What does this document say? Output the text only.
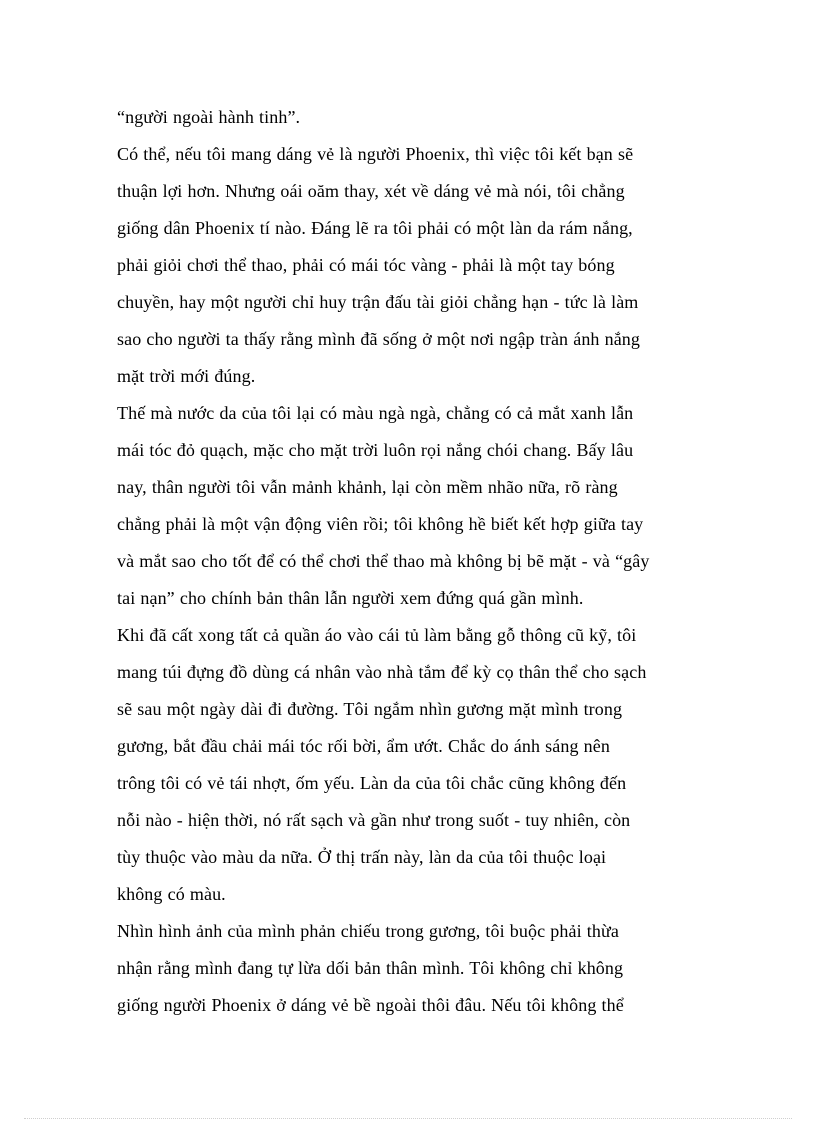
“người ngoài hành tinh”.
Có thể, nếu tôi mang dáng vẻ là người Phoenix, thì việc tôi kết bạn sẽ
thuận lợi hơn. Nhưng oái oăm thay, xét về dáng vẻ mà nói, tôi chẳng
giống dân Phoenix tí nào. Đáng lẽ ra tôi phải có một làn da rám nắng,
phải giỏi chơi thể thao, phải có mái tóc vàng - phải là một tay bóng
chuyền, hay một người chỉ huy trận đấu tài giỏi chẳng hạn - tức là làm
sao cho người ta thấy rằng mình đã sống ở một nơi ngập tràn ánh nắng
mặt trời mới đúng.
Thế mà nước da của tôi lại có màu ngà ngà, chẳng có cả mắt xanh lẫn
mái tóc đỏ quạch, mặc cho mặt trời luôn rọi nắng chói chang. Bấy lâu
nay, thân người tôi vẫn mảnh khảnh, lại còn mềm nhão nữa, rõ ràng
chẳng phải là một vận động viên rồi; tôi không hề biết kết hợp giữa tay
và mắt sao cho tốt để có thể chơi thể thao mà không bị bẽ mặt - và “gây
tai nạn” cho chính bản thân lẫn người xem đứng quá gần mình.
Khi đã cất xong tất cả quần áo vào cái tủ làm bằng gỗ thông cũ kỹ, tôi
mang túi đựng đồ dùng cá nhân vào nhà tắm để kỳ cọ thân thể cho sạch
sẽ sau một ngày dài đi đường. Tôi ngắm nhìn gương mặt mình trong
gương, bắt đầu chải mái tóc rối bời, ẩm ướt. Chắc do ánh sáng nên
trông tôi có vẻ tái nhợt, ốm yếu. Làn da của tôi chắc cũng không đến
nỗi nào - hiện thời, nó rất sạch và gần như trong suốt - tuy nhiên, còn
tùy thuộc vào màu da nữa. Ở thị trấn này, làn da của tôi thuộc loại
không có màu.
Nhìn hình ảnh của mình phản chiếu trong gương, tôi buộc phải thừa
nhận rằng mình đang tự lừa dối bản thân mình. Tôi không chỉ không
giống người Phoenix ở dáng vẻ bề ngoài thôi đâu. Nếu tôi không thể
